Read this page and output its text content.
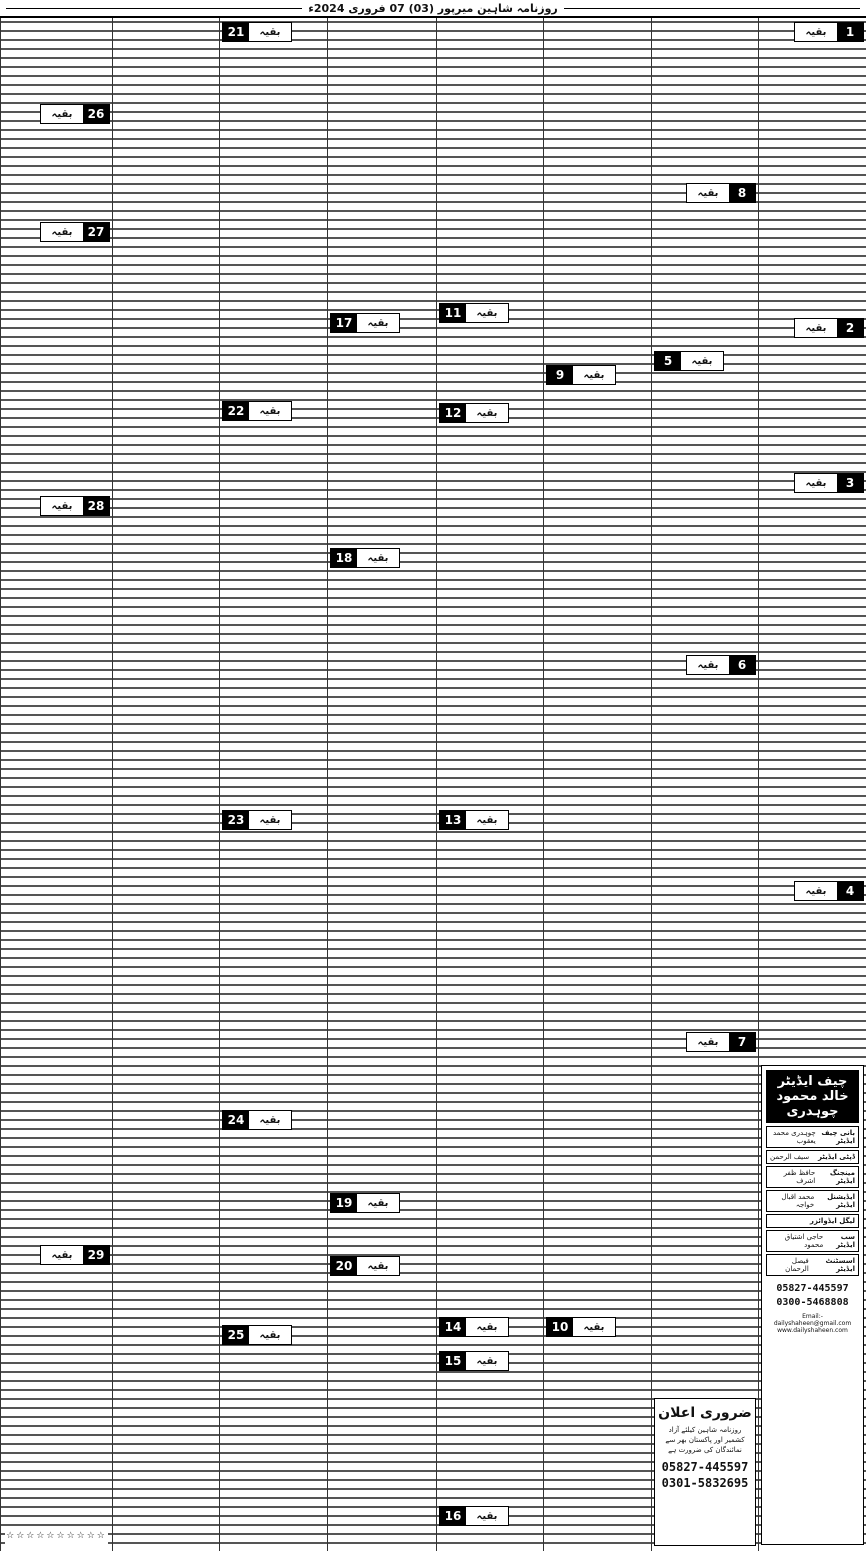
روزنامہ شاہین میرپور (03) 07 فروری 2024ء
بقیہ	1
بقیہ	2
بقیہ	3
بقیہ	4
چیف ایڈیٹر خالد محمود چوہدری
بانی چیف ایڈیٹر
چوہدری محمد یعقوب
ڈپٹی ایڈیٹر
سیف الرحمن
مینجنگ ایڈیٹر
حافظ ظفر اشرف
ایڈیشنل ایڈیٹر
محمد اقبال خواجہ
لیگل ایڈوائزر
سب ایڈیٹر
حاجی اشتیاق محمود
اسسٹنٹ ایڈیٹر
فیصل الرحمان
05827-445597
0300-5468808
Email:-dailyshaheen@gmail.com www.dailyshaheen.com
بقیہ	8
بقیہ
5
بقیہ	6
بقیہ	7
ضروری اعلان
روزنامہ شاہین کیلئے آزاد کشمیر اور پاکستان بھر سے نمائندگان کی ضرورت ہے
05827-445597
0301-5832695
بقیہ
9
بقیہ
10
بقیہ
11
بقیہ
12
بقیہ
13
بقیہ
14
بقیہ
15
بقیہ
16
بقیہ
17
بقیہ
18
بقیہ
19
بقیہ
20
بقیہ
21
بقیہ
22
بقیہ
23
بقیہ
24
بقیہ
25
بقیہ	26
بقیہ	27
بقیہ	28
بقیہ	29
☆☆☆☆☆☆☆☆☆☆
